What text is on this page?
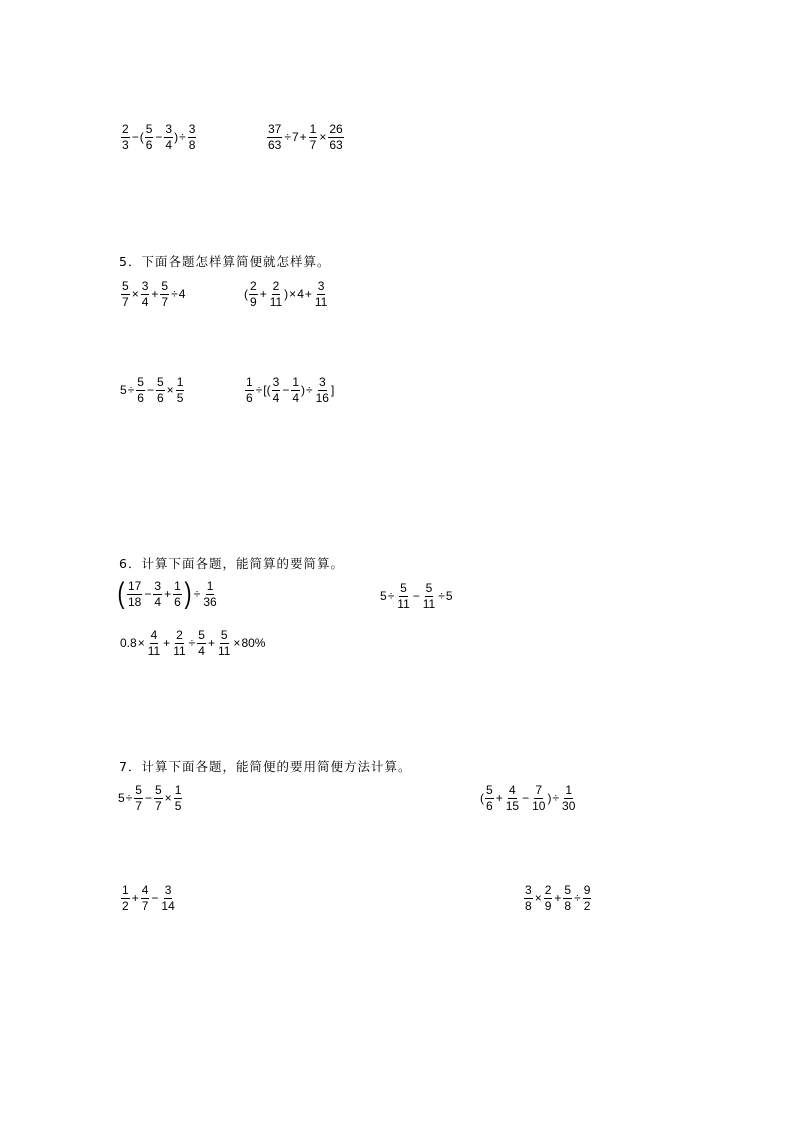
$\frac{2}{3}$ − ( $\frac{5}{6} - \frac{3}{4}$ ) ÷ $\frac{3}{8}$	$\frac{37}{63} \div 7 + \frac{1}{7} \times \frac{26}{63}$
5．下面各题怎样算简便就怎样算。
$\frac{5}{7} \times \frac{3}{4} + \frac{5}{7} \div 4$	( $\frac{2}{9} + \frac{2}{11}$ ) × $4 + \frac{3}{11}$
$5 \div \frac{5}{6} - \frac{5}{6} \times \frac{1}{5}$	$\frac{1}{6}$ ÷ [ ( $\frac{3}{4} - \frac{1}{4}$ ) ÷ $\frac{3}{16}$ ]
6．计算下面各题，能简算的要简算。
( $\frac{17}{18} - \frac{3}{4} + \frac{1}{6}$ ) ÷ $\frac{1}{36}$	$5 \div \frac{5}{11} - \frac{5}{11} \div 5$
$0.8 \times \frac{4}{11} + \frac{2}{11} \div \frac{5}{4} + \frac{5}{11} \times 80\%$
7．计算下面各题，能简便的要用简便方法计算。
$5 \div \frac{5}{7} - \frac{5}{7} \times \frac{1}{5}$	( $\frac{5}{6} + \frac{4}{15} - \frac{7}{10}$ ) ÷ $\frac{1}{30}$
$\frac{1}{2} + \frac{4}{7} - \frac{3}{14}$	$\frac{3}{8} \times \frac{2}{9} + \frac{5}{8} \div \frac{9}{2}$
